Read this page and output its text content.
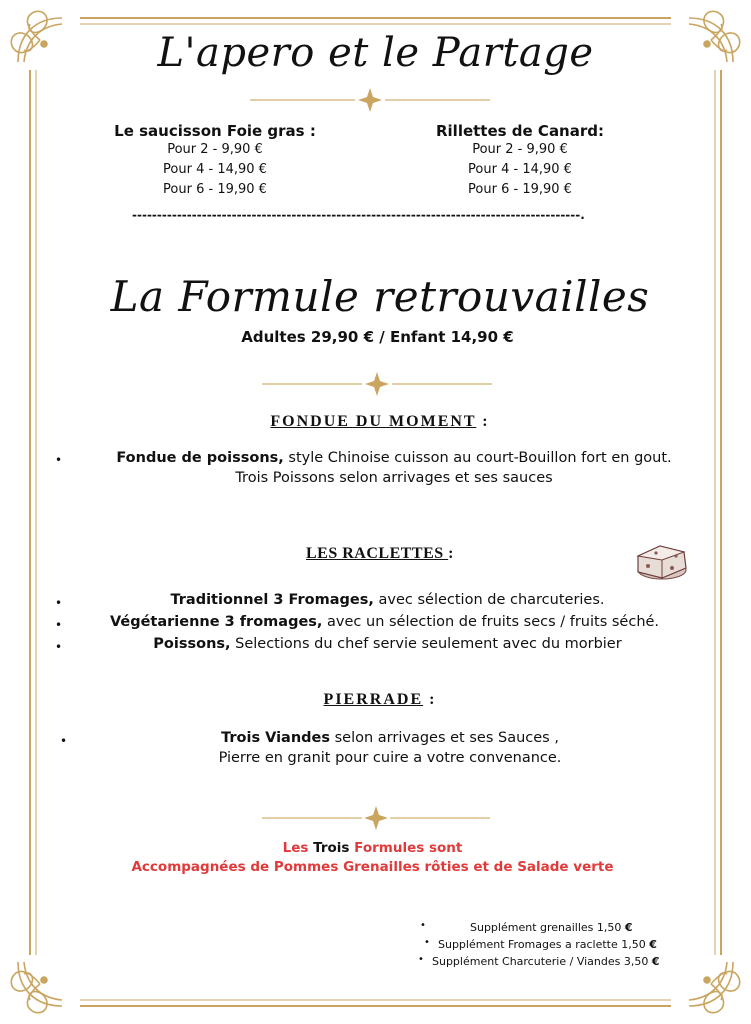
L'apero et le Partage
Le saucisson Foie gras :
Pour 2 - 9,90 €
Pour 4 - 14,90 €
Pour 6 - 19,90 €
Rillettes de Canard:
Pour 2 - 9,90 €
Pour 4 - 14,90 €
Pour 6 - 19,90 €
------------------------------------------------------------------------------------------.
La Formule retrouvailles
Adultes 29,90 € / Enfant 14,90 €
FONDUE DU MOMENT :
•	Fondue de poissons, style Chinoise cuisson au court-Bouillon fort en gout.
Trois Poissons selon arrivages et ses sauces
LES RACLETTES :
•	Traditionnel 3 Fromages, avec sélection de charcuteries.
•	Végétarienne 3 fromages, avec un sélection de fruits secs / fruits séché.
•	Poissons, Selections du chef servie seulement avec du morbier
PIERRADE :
•	Trois Viandes selon arrivages et ses Sauces ,
Pierre en granit pour cuire a votre convenance.
Les Trois Formules sont
Accompagnées de Pommes Grenailles rôties et de Salade verte
•	Supplément grenailles 1,50 €
• Supplément Fromages a raclette 1,50 €
• Supplément Charcuterie / Viandes 3,50 €
